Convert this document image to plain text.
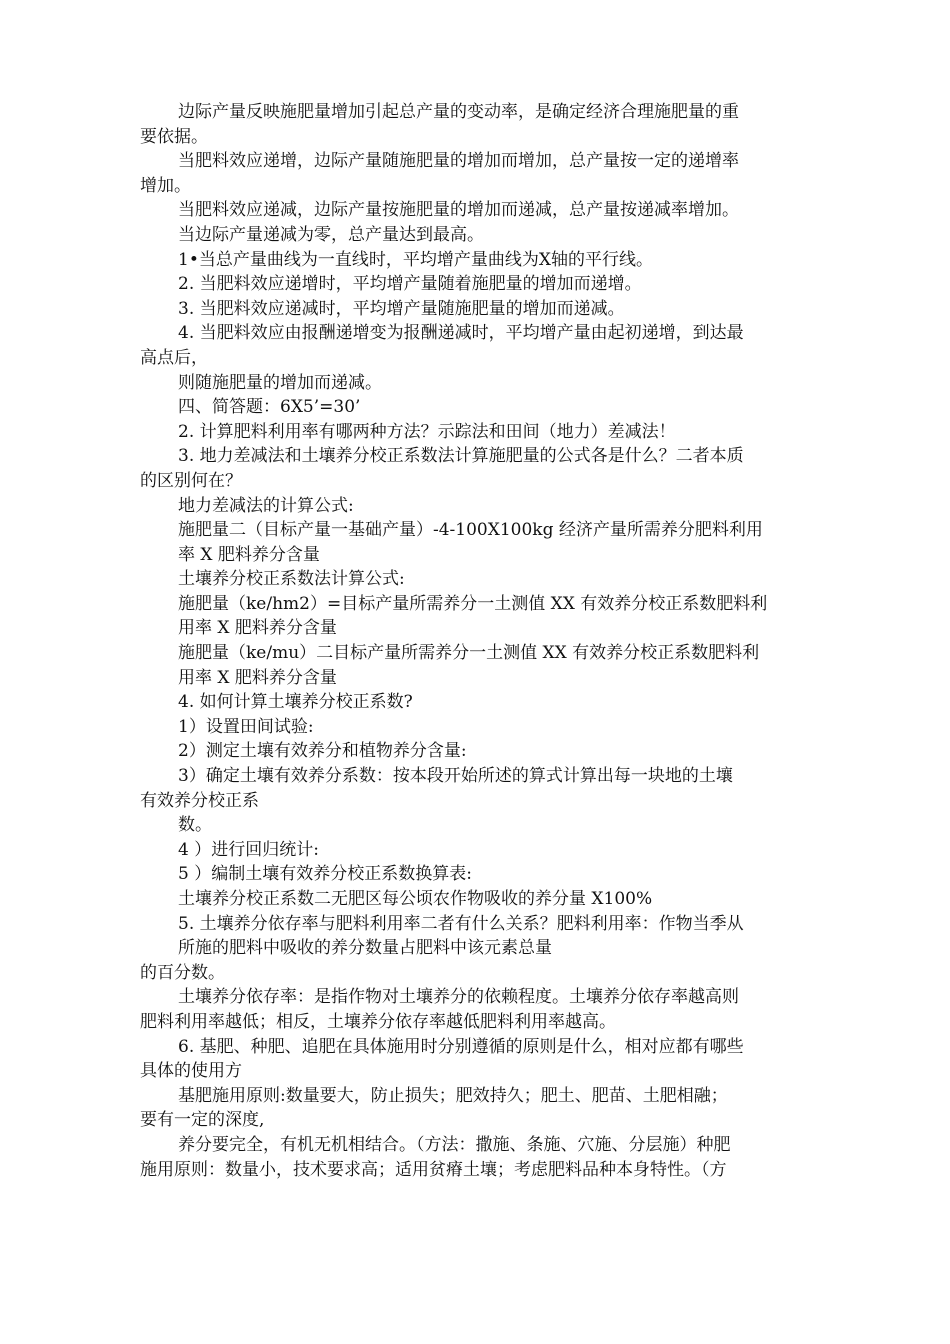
边际产量反映施肥量增加引起总产量的变动率，是确定经济合理施肥量的重
要依据。
当肥料效应递增，边际产量随施肥量的增加而增加，总产量按一定的递增率
增加。
当肥料效应递减，边际产量按施肥量的增加而递减，总产量按递减率增加。
当边际产量递减为零，总产量达到最高。
1•当总产量曲线为一直线时，平均增产量曲线为X轴的平行线。
2. 当肥料效应递增时，平均增产量随着施肥量的增加而递增。
3. 当肥料效应递减时，平均增产量随施肥量的增加而递减。
4. 当肥料效应由报酬递增变为报酬递减时，平均增产量由起初递增，到达最
高点后，
则随施肥量的增加而递减。
四、简答题：6X5’=30’
2. 计算肥料利用率有哪两种方法？示踪法和田间（地力）差减法！
3. 地力差减法和土壤养分校正系数法计算施肥量的公式各是什么？二者本质
的区别何在？
地力差减法的计算公式:
施肥量二（目标产量一基础产量）-4-100X100kg 经济产量所需养分肥料利用
率 X 肥料养分含量
土壤养分校正系数法计算公式:
施肥量（ke/hm2）=目标产量所需养分一土测值 XX 有效养分校正系数肥料利
用率 X 肥料养分含量
施肥量（ke/mu）二目标产量所需养分一土测值 XX 有效养分校正系数肥料利
用率 X 肥料养分含量
4. 如何计算土壤养分校正系数?
1）设置田间试验:
2）测定土壤有效养分和植物养分含量:
3）确定土壤有效养分系数：按本段开始所述的算式计算出每一块地的土壤
有效养分校正系
数。
4 ）进行回归统计:
5 ）编制土壤有效养分校正系数换算表:
土壤养分校正系数二无肥区每公顷农作物吸收的养分量 X100%
5. 土壤养分依存率与肥料利用率二者有什么关系？肥料利用率：作物当季从
所施的肥料中吸收的养分数量占肥料中该元素总量
的百分数。
土壤养分依存率：是指作物对土壤养分的依赖程度。土壤养分依存率越高则
肥料利用率越低；相反，土壤养分依存率越低肥料利用率越高。
6. 基肥、种肥、追肥在具体施用时分别遵循的原则是什么，相对应都有哪些
具体的使用方
基肥施用原则:数量要大，防止损失；肥效持久；肥土、肥苗、土肥相融；
要有一定的深度,
养分要完全，有机无机相结合。（方法：撒施、条施、穴施、分层施）种肥
施用原则：数量小，技术要求高；适用贫瘠土壤；考虑肥料品种本身特性。（方
